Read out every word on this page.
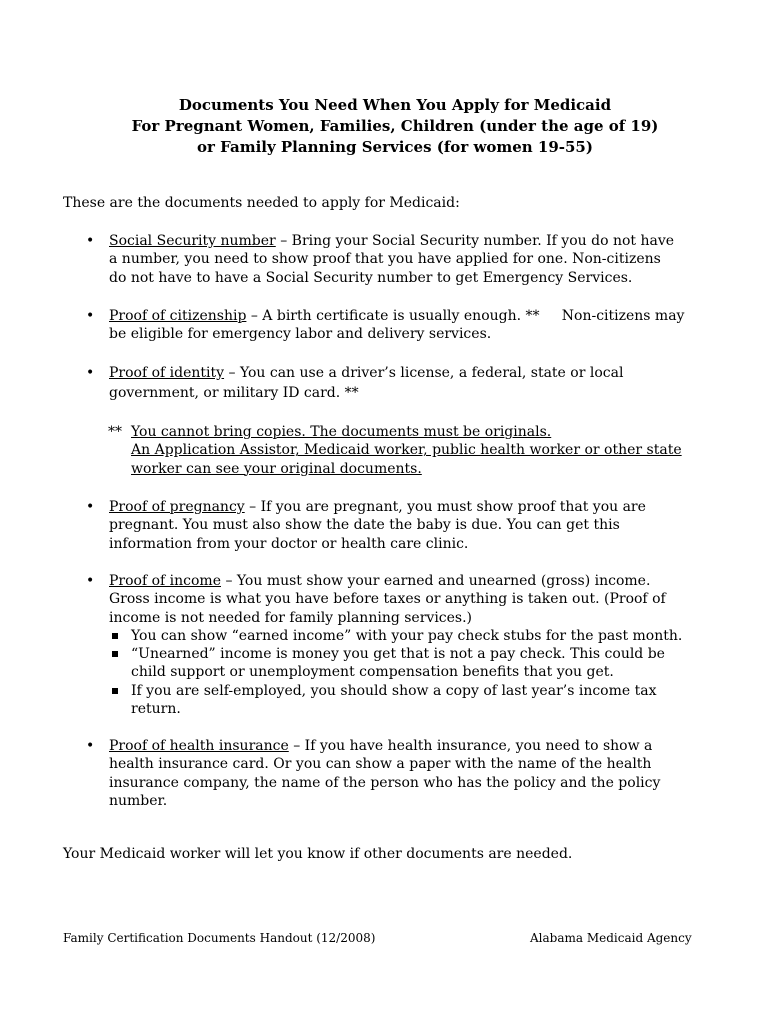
Documents You Need When You Apply for Medicaid
For Pregnant Women, Families, Children (under the age of 19)
or Family Planning Services (for women 19-55)
These are the documents needed to apply for Medicaid:
• Social Security number – Bring your Social Security number. If you do not have
a number, you need to show proof that you have applied for one. Non-citizens
do not have to have a Social Security number to get Emergency Services.
• Proof of citizenship – A birth certificate is usually enough. **     Non-citizens may
be eligible for emergency labor and delivery services.
• Proof of identity – You can use a driver’s license, a federal, state or local
government, or military ID card. **
** You cannot bring copies. The documents must be originals.
An Application Assistor, Medicaid worker, public health worker or other state
worker can see your original documents.
• Proof of pregnancy – If you are pregnant, you must show proof that you are
pregnant. You must also show the date the baby is due. You can get this
information from your doctor or health care clinic.
• Proof of income – You must show your earned and unearned (gross) income.
Gross income is what you have before taxes or anything is taken out. (Proof of
income is not needed for family planning services.)
You can show “earned income” with your pay check stubs for the past month.
“Unearned” income is money you get that is not a pay check. This could be
child support or unemployment compensation benefits that you get.
If you are self-employed, you should show a copy of last year’s income tax
return.
• Proof of health insurance – If you have health insurance, you need to show a
health insurance card. Or you can show a paper with the name of the health
insurance company, the name of the person who has the policy and the policy
number.
Your Medicaid worker will let you know if other documents are needed.
Family Certification Documents Handout (12/2008)	Alabama Medicaid Agency
